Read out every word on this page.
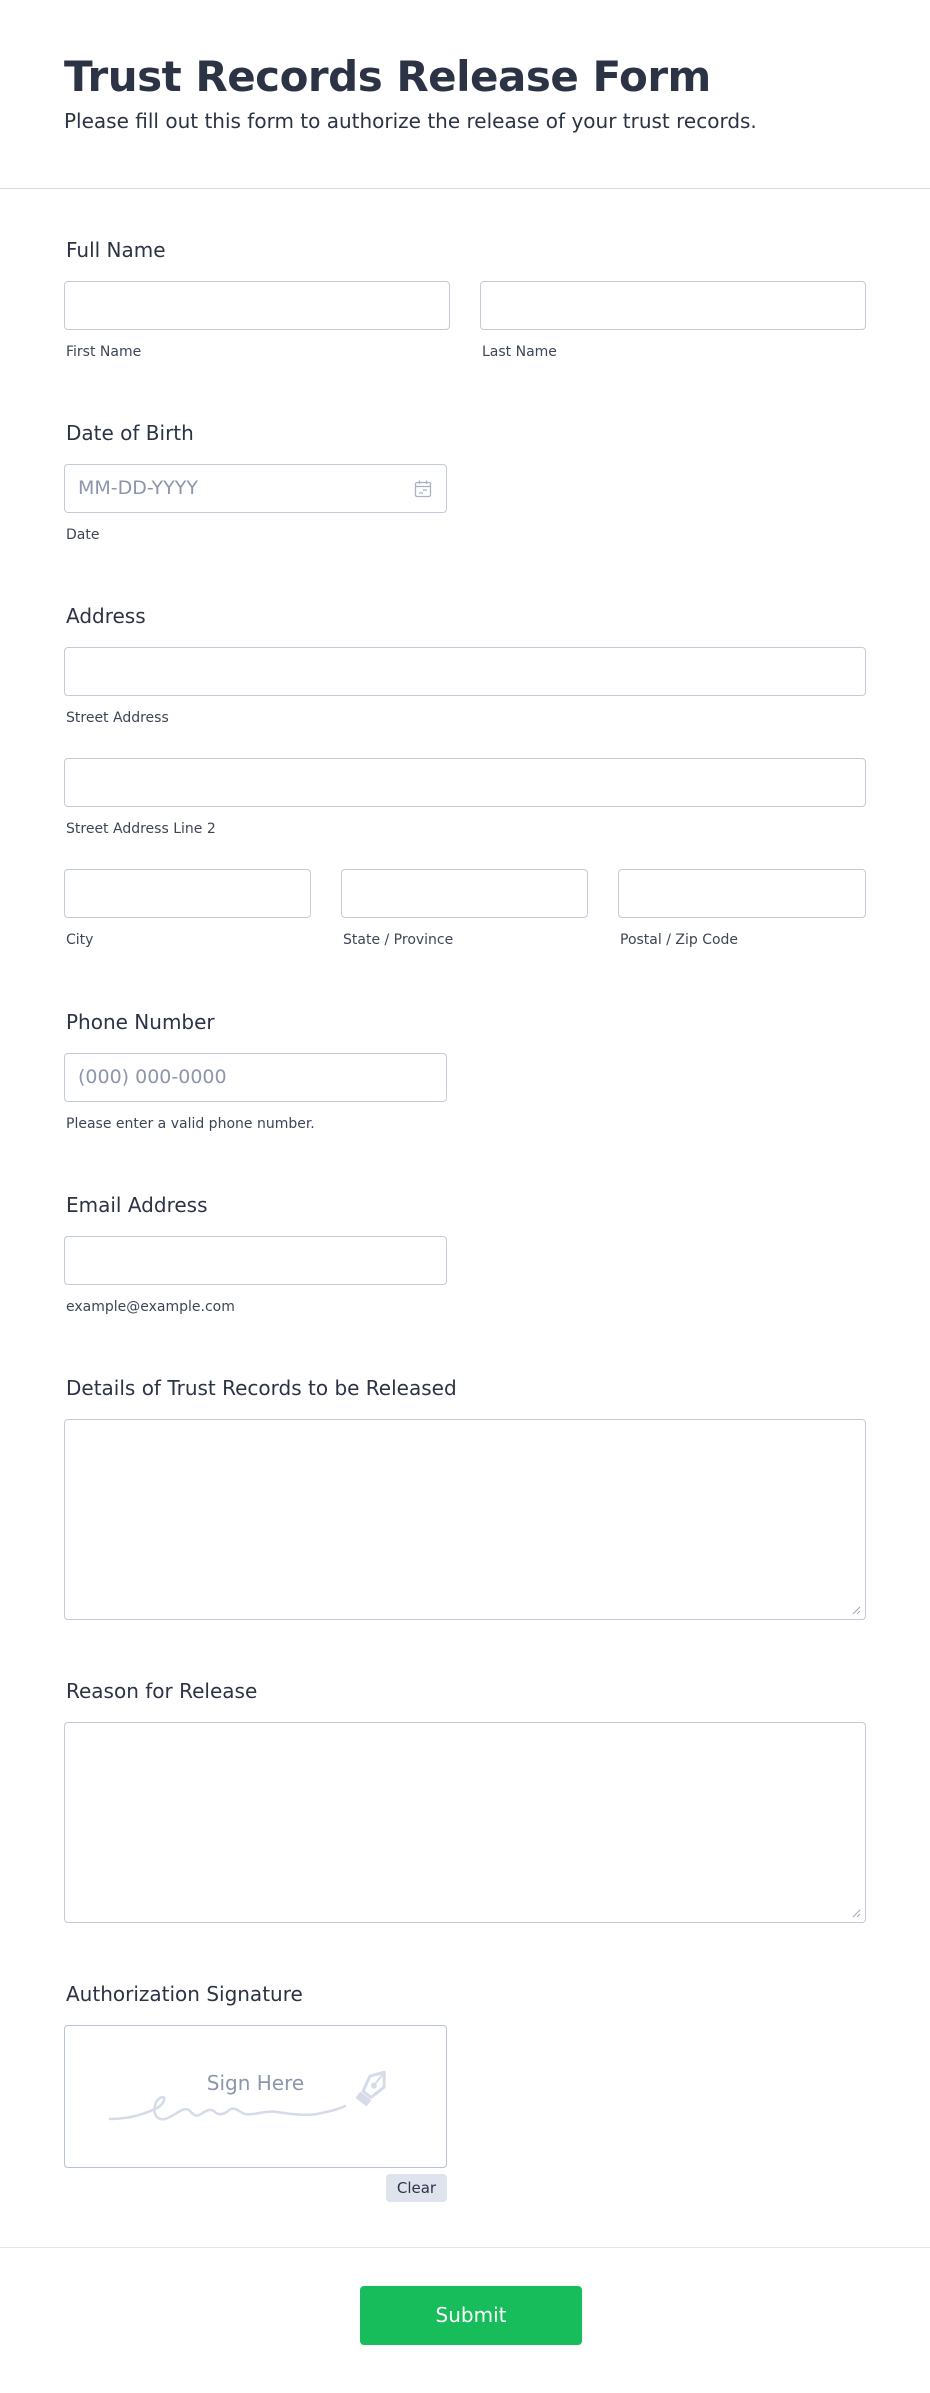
Trust Records Release Form
Please fill out this form to authorize the release of your trust records.
Full Name
First Name	Last Name
Date of Birth
MM-DD-YYYY
Date
Address
Street Address
Street Address Line 2
City	State / Province	Postal / Zip Code
Phone Number
(000) 000-0000
Please enter a valid phone number.
Email Address
example@example.com
Details of Trust Records to be Released
Reason for Release
Authorization Signature
Sign Here
Clear
Submit
